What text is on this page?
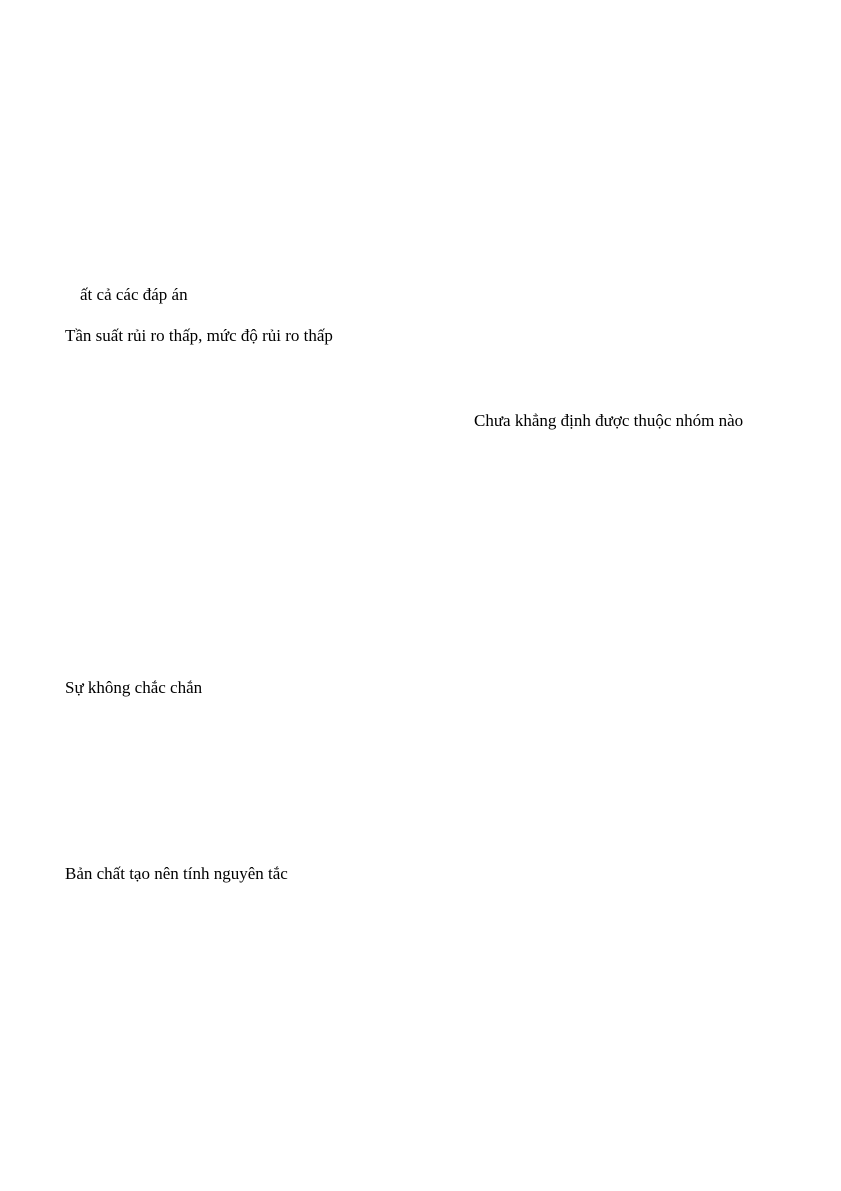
ất cả các đáp án

Tần suất rủi ro thấp, mức độ rủi ro thấp

Chưa khẳng định được thuộc nhóm nào

Sự không chắc chắn

Bản chất tạo nên tính nguyên tắc
